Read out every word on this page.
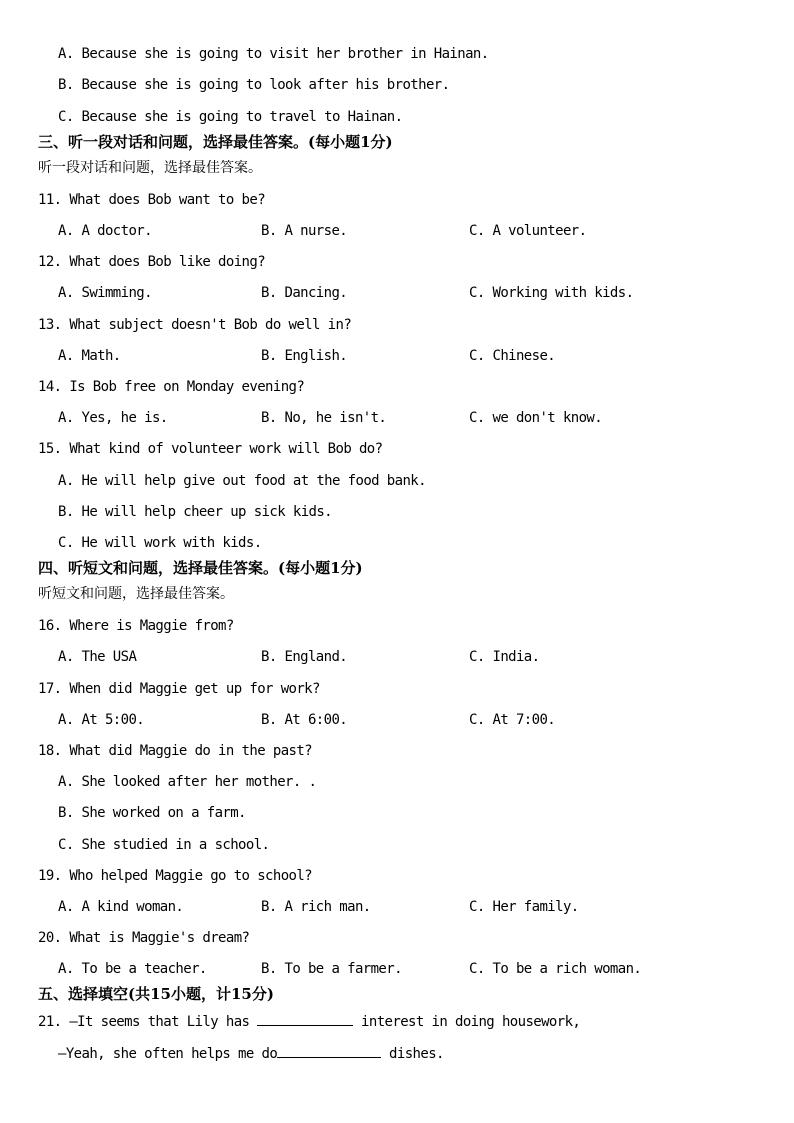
A. Because she is going to visit her brother in Hainan.
B. Because she is going to look after his brother.
C. Because she is going to travel to Hainan.
三、听一段对话和问题，选择最佳答案。(每小题1分)
听一段对话和问题，选择最佳答案。
11. What does Bob want to be?
A. A doctor.	B. A nurse.	C. A volunteer.
12. What does Bob like doing?
A. Swimming.	B. Dancing.	C. Working with kids.
13. What subject doesn't Bob do well in?
A. Math.	B. English.	C. Chinese.
14. Is Bob free on Monday evening?
A. Yes, he is.	B. No, he isn't.	C. we don't know.
15. What kind of volunteer work will Bob do?
A. He will help give out food at the food bank.
B. He will help cheer up sick kids.
C. He will work with kids.
四、听短文和问题，选择最佳答案。(每小题1分)
听短文和问题，选择最佳答案。
16. Where is Maggie from?
A. The USA	B. England.	C. India.
17. When did Maggie get up for work?
A. At 5:00.	B. At 6:00.	C. At 7:00.
18. What did Maggie do in the past?
A. She looked after her mother. .
B. She worked on a farm.
C. She studied in a school.
19. Who helped Maggie go to school?
A. A kind woman.	B. A rich man.	C. Her family.
20. What is Maggie's dream?
A. To be a teacher.	B. To be a farmer.	C. To be a rich woman.
五、选择填空(共15小题，计15分)
21. —It seems that Lily has	interest in doing housework,
—Yeah, she often helps me do	dishes.
